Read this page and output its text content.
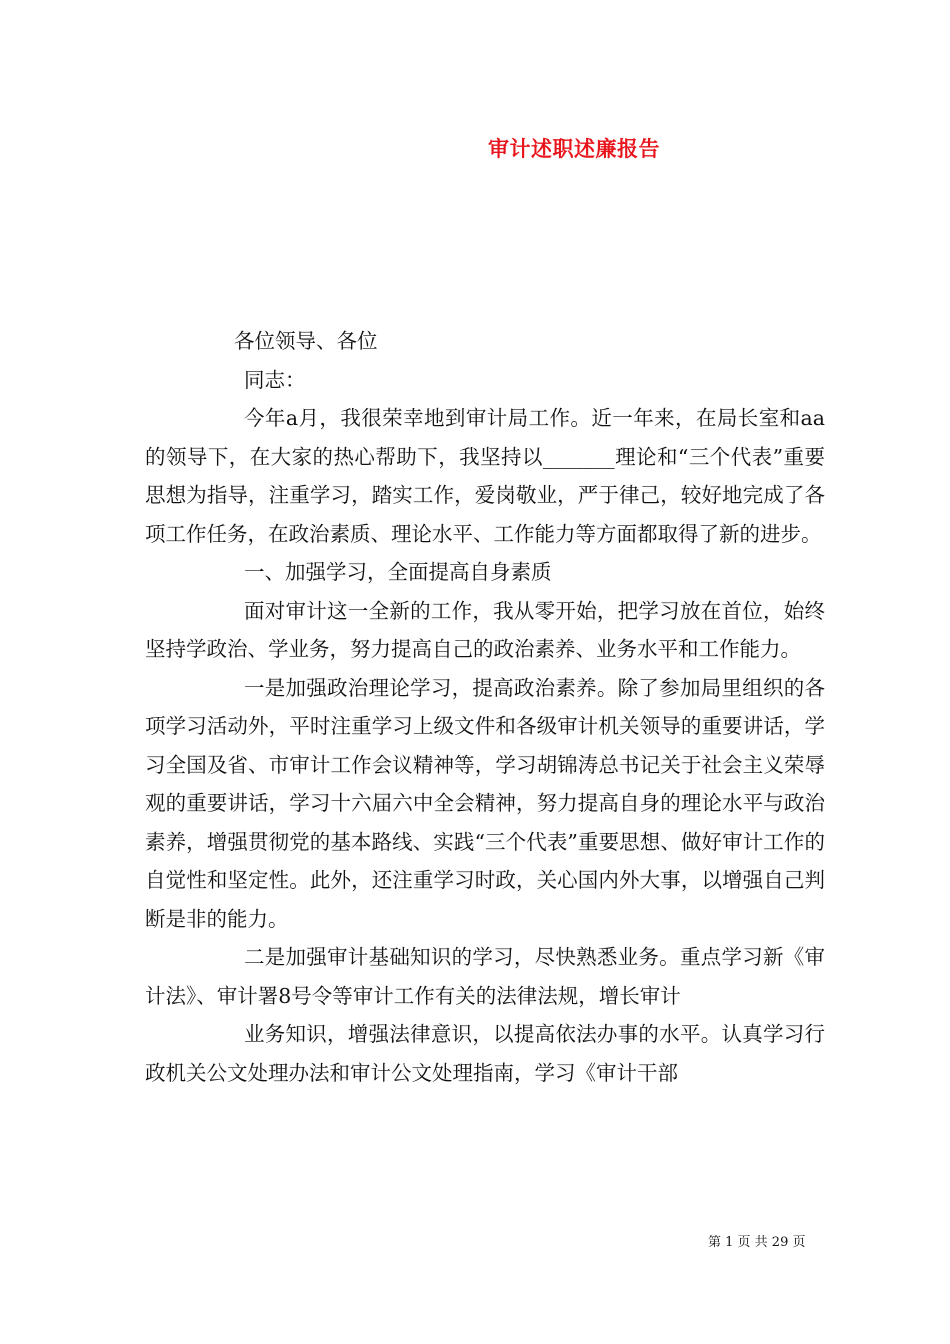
审计述职述廉报告

各位领导、各位

同志：

今年a月，我很荣幸地到审计局工作。近一年来，在局长室和aa的领导下，在大家的热心帮助下，我坚持以_______理论和“三个代表”重要思想为指导，注重学习，踏实工作，爱岗敬业，严于律己，较好地完成了各项工作任务，在政治素质、理论水平、工作能力等方面都取得了新的进步。

一、加强学习，全面提高自身素质

面对审计这一全新的工作，我从零开始，把学习放在首位，始终坚持学政治、学业务，努力提高自己的政治素养、业务水平和工作能力。

一是加强政治理论学习，提高政治素养。除了参加局里组织的各项学习活动外，平时注重学习上级文件和各级审计机关领导的重要讲话，学习全国及省、市审计工作会议精神等，学习胡锦涛总书记关于社会主义荣辱观的重要讲话，学习十六届六中全会精神，努力提高自身的理论水平与政治素养，增强贯彻党的基本路线、实践“三个代表”重要思想、做好审计工作的自觉性和坚定性。此外，还注重学习时政，关心国内外大事，以增强自己判断是非的能力。

二是加强审计基础知识的学习，尽快熟悉业务。重点学习新《审计法》、审计署8号令等审计工作有关的法律法规，增长审计

业务知识，增强法律意识，以提高依法办事的水平。认真学习行政机关公文处理办法和审计公文处理指南，学习《审计干部

第 1 页 共 29 页
